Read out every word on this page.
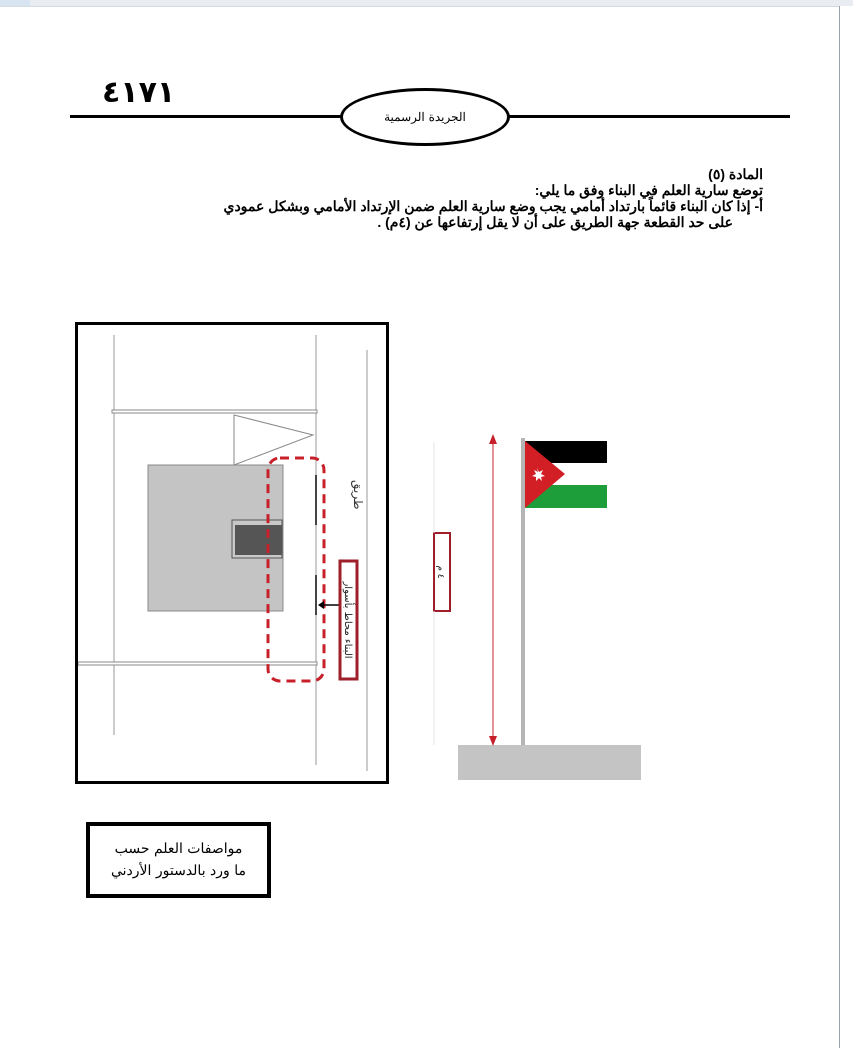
٤١٧١
الجريدة الرسمية

المادة (٥)

توضع سارية العلم في البناء وفق ما يلي:

أ- إذا كان البناء قائماً بارتداد أمامي يجب وضع سارية العلم ضمن الإرتداد الأمامي وبشكل عمودي

على حد القطعة جهة الطريق على أن لا يقل إرتفاعها عن (٤م) .

طريق
البناء محاط بأسوار
٤ م
مواصفات العلم حسب
ما ورد بالدستور الأردني
